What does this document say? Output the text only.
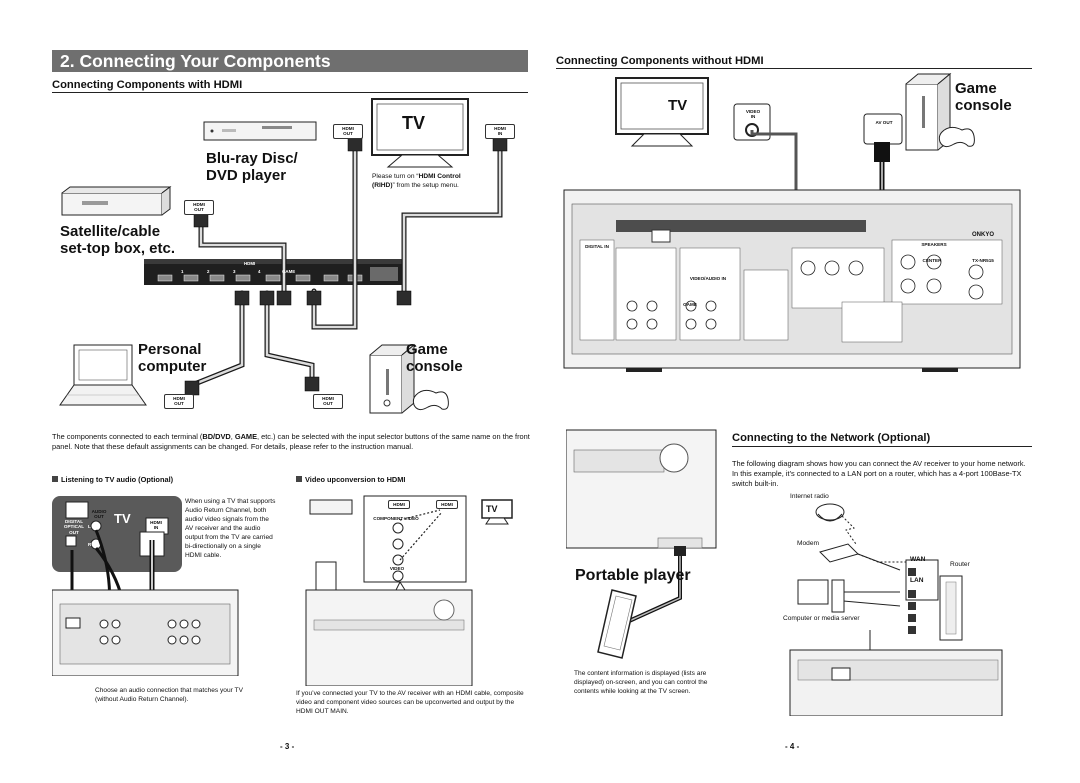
2. Connecting Your Components
Connecting Components with HDMI
HDMI
OUT
HDMI
IN
HDMI
OUT
HDMI
OUT
HDMI
OUT
TV
HDMI
1	2	3	4	GAME
Blu-ray Disc/
DVD player
Satellite/cable
set-top box, etc.
Personal
computer
Game
console
Please turn on “HDMI Control (RIHD)” from the setup menu.
The components connected to each terminal (BD/DVD, GAME, etc.) can be selected with the input selector buttons of the same name on the front panel. Note that these default assignments can be changed. For details, please refer to the instruction manual.
Listening to TV audio (Optional)
AUDIO
OUT
DIGITAL
OPTICAL
OUT
HDMI
IN
TV
L
R
When using a TV that supports Audio Return Channel, both audio/ video signals from the AV receiver and the audio output from the TV are carried bi-directionally on a single HDMI cable.
Choose an audio connection that matches your TV (without Audio Return Channel).
Video upconversion to HDMI
HDMI	HDMI
COMPONENT VIDEO
VIDEO
TV
If you’ve connected your TV to the AV receiver with an HDMI cable, composite video and component video sources can be upconverted and output by the HDMI OUT MAIN.
- 3 -
Connecting Components without HDMI
TV	VIDEO
IN
AV OUT
Game
console
DIGITAL IN
VIDEO/AUDIO IN
GAME
SPEAKERS
CENTER
ONKYO
TX-NR515
Portable player
The content information is displayed (lists are displayed) on-screen, and you can control the contents while looking at the TV screen.
Connecting to the Network (Optional)
The following diagram shows how you can connect the AV receiver to your home network. In this example, it’s connected to a LAN port on a router, which has a 4-port 100Base-TX switch built-in.
Internet radio
Modem
Router
WAN
LAN
Computer or media server
- 4 -
